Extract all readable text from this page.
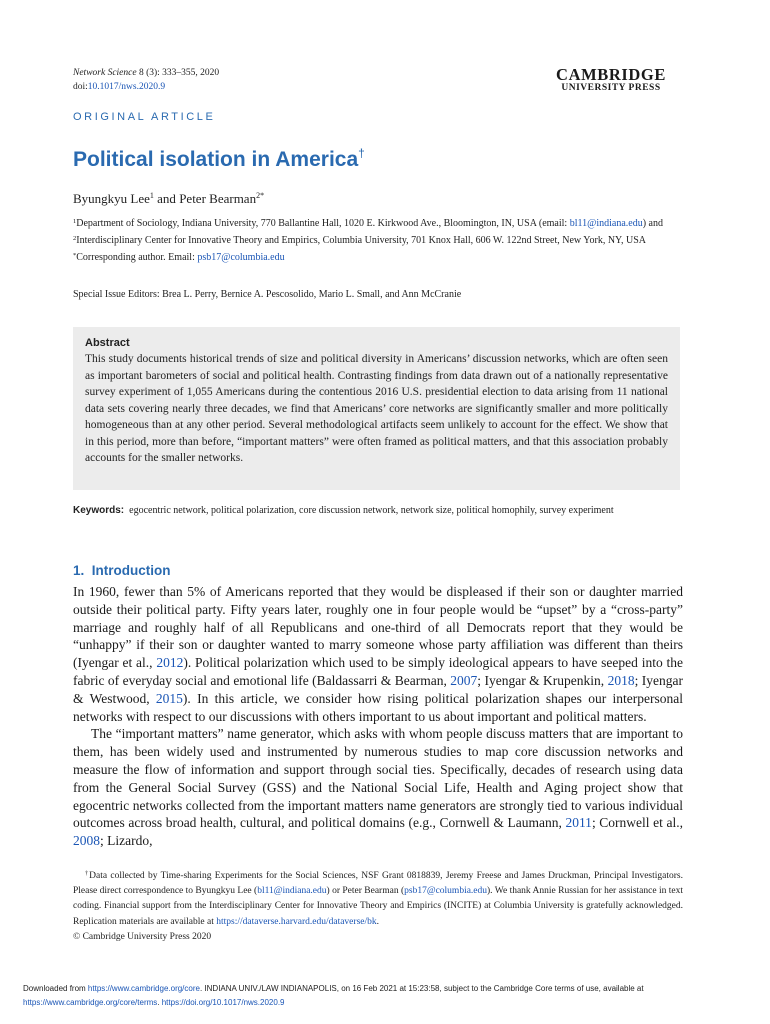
Network Science 8 (3): 333–355, 2020
doi:10.1017/nws.2020.9
CAMBRIDGE
UNIVERSITY PRESS
ORIGINAL ARTICLE
Political isolation in America†
Byungkyu Lee$^1$ and Peter Bearman$^{2*}$
$^1$Department of Sociology, Indiana University, 770 Ballantine Hall, 1020 E. Kirkwood Ave., Bloomington, IN, USA (email: bl11@indiana.edu) and $^2$Interdisciplinary Center for Innovative Theory and Empirics, Columbia University, 701 Knox Hall, 606 W. 122nd Street, New York, NY, USA
*Corresponding author. Email: psb17@columbia.edu
Special Issue Editors: Brea L. Perry, Bernice A. Pescosolido, Mario L. Small, and Ann McCranie
Abstract

This study documents historical trends of size and political diversity in Americans’ discussion networks, which are often seen as important barometers of social and political health. Contrasting findings from data drawn out of a nationally representative survey experiment of 1,055 Americans during the contentious 2016 U.S. presidential election to data arising from 11 national data sets covering nearly three decades, we find that Americans’ core networks are significantly smaller and more politically homogeneous than at any other period. Several methodological artifacts seem unlikely to account for the effect. We show that in this period, more than before, “important matters” were often framed as political matters, and that this association probably accounts for the smaller networks.

Keywords: egocentric network, political polarization, core discussion network, network size, political homophily, survey experiment
1. Introduction

In 1960, fewer than 5% of Americans reported that they would be displeased if their son or daughter married outside their political party. Fifty years later, roughly one in four people would be “upset” by a “cross-party” marriage and roughly half of all Republicans and one-third of all Democrats report that they would be “unhappy” if their son or daughter wanted to marry someone whose party affiliation was different than theirs (Iyengar et al., 2012). Political polarization which used to be simply ideological appears to have seeped into the fabric of everyday social and emotional life (Baldassarri & Bearman, 2007; Iyengar & Krupenkin, 2018; Iyengar & Westwood, 2015). In this article, we consider how rising political polarization shapes our interpersonal networks with respect to our discussions with others important to us about important and political matters.

The “important matters” name generator, which asks with whom people discuss matters that are important to them, has been widely used and instrumented by numerous studies to map core discussion networks and measure the flow of information and support through social ties. Specifically, decades of research using data from the General Social Survey (GSS) and the National Social Life, Health and Aging project show that egocentric networks collected from the important matters name generators are strongly tied to various individual outcomes across broad health, cultural, and political domains (e.g., Cornwell & Laumann, 2011; Cornwell et al., 2008; Lizardo,

†Data collected by Time-sharing Experiments for the Social Sciences, NSF Grant 0818839, Jeremy Freese and James Druckman, Principal Investigators. Please direct correspondence to Byungkyu Lee (bl11@indiana.edu) or Peter Bearman (psb17@columbia.edu). We thank Annie Russian for her assistance in text coding. Financial support from the Interdisciplinary Center for Innovative Theory and Empirics (INCITE) at Columbia University is gratefully acknowledged. Replication materials are available at https://dataverse.harvard.edu/dataverse/bk.

© Cambridge University Press 2020

Downloaded from https://www.cambridge.org/core. INDIANA UNIV./LAW INDIANAPOLIS, on 16 Feb 2021 at 15:23:58, subject to the Cambridge Core terms of use, available at https://www.cambridge.org/core/terms. https://doi.org/10.1017/nws.2020.9
